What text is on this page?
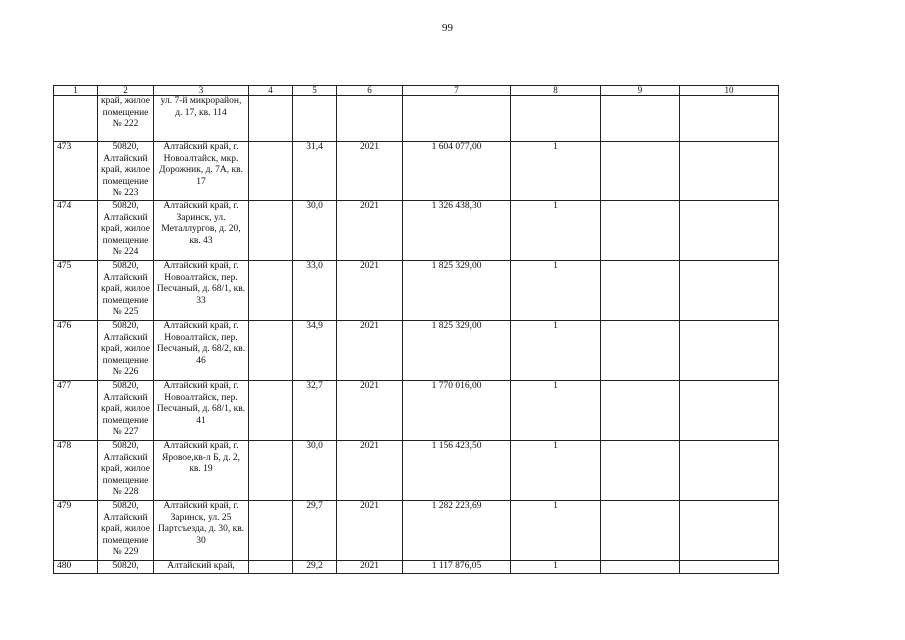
99
1	2	3	4	5	6	7	8	9	10
	край, жилое помещение № 222	ул. 7-й микрорайон, д. 17, кв. 114							
473	50820, Алтайский край, жилое помещение № 223	Алтайский край, г. Новоалтайск, мкр. Дорожник, д. 7А, кв. 17		31,4	2021	1 604 077,00	1		
474	50820, Алтайский край, жилое помещение № 224	Алтайский край, г. Заринск, ул. Металлургов, д. 20, кв. 43		30,0	2021	1 326 438,30	1		
475	50820, Алтайский край, жилое помещение № 225	Алтайский край, г. Новоалтайск, пер. Песчаный, д. 68/1, кв. 33		33,0	2021	1 825 329,00	1		
476	50820, Алтайский край, жилое помещение № 226	Алтайский край, г. Новоалтайск, пер. Песчаный, д. 68/2, кв. 46		34,9	2021	1 825 329,00	1		
477	50820, Алтайский край, жилое помещение № 227	Алтайский край, г. Новоалтайск, пер. Песчаный, д. 68/1, кв. 41		32,7	2021	1 770 016,00	1		
478	50820, Алтайский край, жилое помещение № 228	Алтайский край, г. Яровое,кв-л Б, д. 2, кв. 19		30,0	2021	1 156 423,50	1		
479	50820, Алтайский край, жилое помещение № 229	Алтайский край, г. Заринск, ул. 25 Партсъезда, д. 30, кв. 30		29,7	2021	1 282 223,69	1		
480	50820,	Алтайский край,		29,2	2021	1 117 876,05	1		
